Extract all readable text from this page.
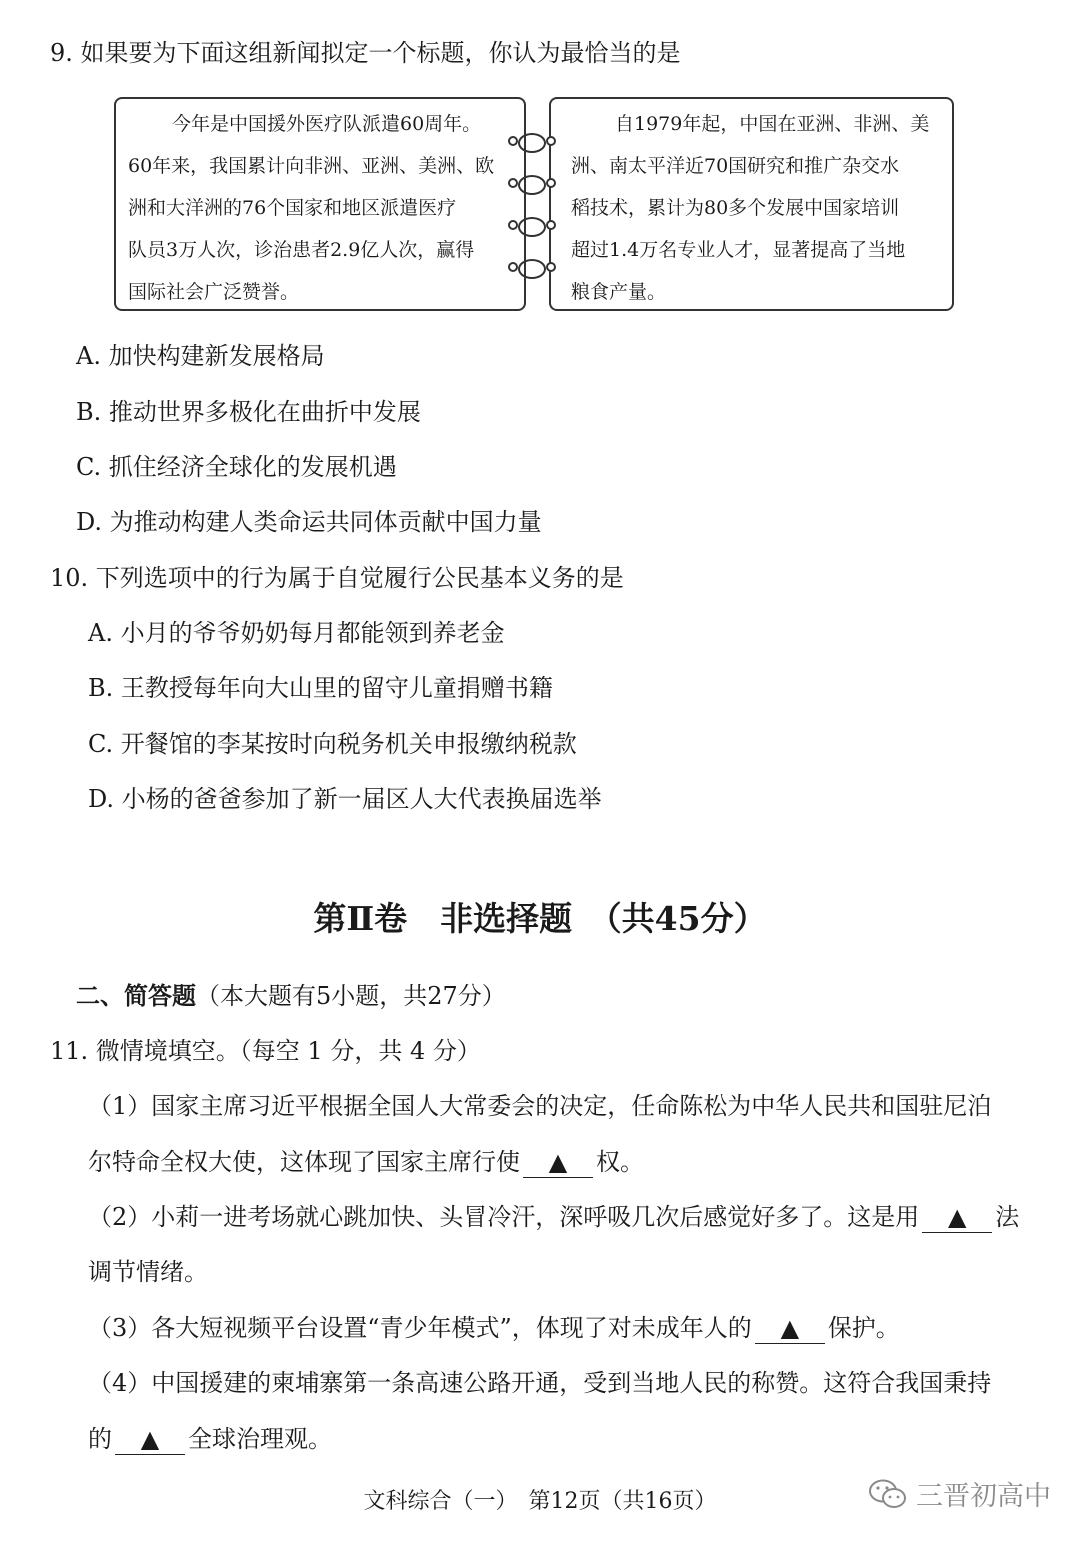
9. 如果要为下面这组新闻拟定一个标题，你认为最恰当的是
今年是中国援外医疗队派遣60周年。
60年来，我国累计向非洲、亚洲、美洲、欧
洲和大洋洲的76个国家和地区派遣医疗
队员3万人次，诊治患者2.9亿人次，赢得
国际社会广泛赞誉。
自1979年起，中国在亚洲、非洲、美
洲、南太平洋近70国研究和推广杂交水
稻技术，累计为80多个发展中国家培训
超过1.4万名专业人才，显著提高了当地
粮食产量。
A. 加快构建新发展格局
B. 推动世界多极化在曲折中发展
C. 抓住经济全球化的发展机遇
D. 为推动构建人类命运共同体贡献中国力量
10. 下列选项中的行为属于自觉履行公民基本义务的是
A. 小月的爷爷奶奶每月都能领到养老金
B. 王教授每年向大山里的留守儿童捐赠书籍
C. 开餐馆的李某按时向税务机关申报缴纳税款
D. 小杨的爸爸参加了新一届区人大代表换届选举
第Ⅱ卷　非选择题　（共45分）
二、简答题（本大题有5小题，共27分）
11. 微情境填空。（每空 1 分，共 4 分）
（1）国家主席习近平根据全国人大常委会的决定，任命陈松为中华人民共和国驻尼泊
尔特命全权大使，这体现了国家主席行使 ▲ 权。
（2）小莉一进考场就心跳加快、头冒冷汗，深呼吸几次后感觉好多了。这是用 ▲ 法
调节情绪。
（3）各大短视频平台设置“青少年模式”，体现了对未成年人的 ▲ 保护。
（4）中国援建的柬埔寨第一条高速公路开通，受到当地人民的称赞。这符合我国秉持
的 ▲ 全球治理观。
文科综合（一）　第12页（共16页）	三晋初高中
